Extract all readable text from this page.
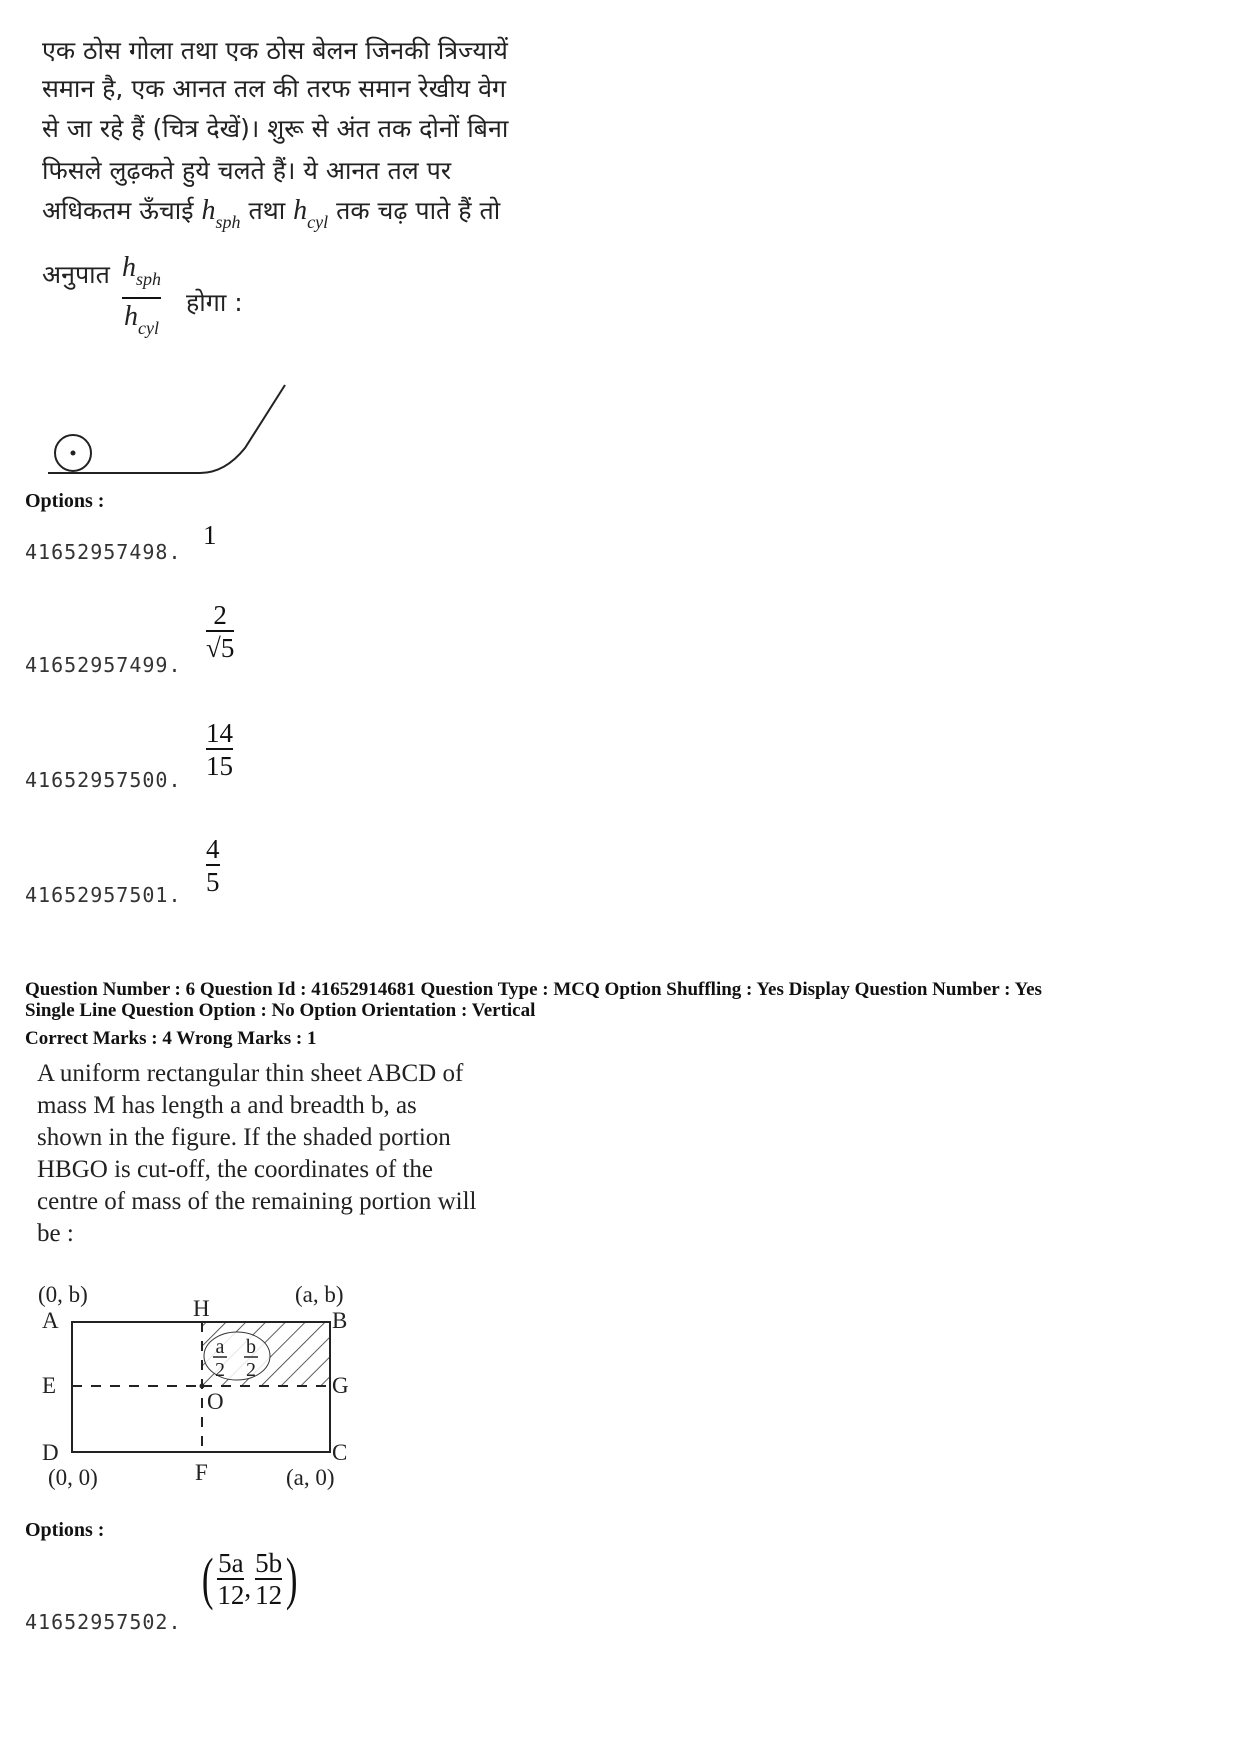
एक ठोस गोला तथा एक ठोस बेलन जिनकी त्रिज्यायें
समान है, एक आनत तल की तरफ समान रेखीय वेग
से जा रहे हैं (चित्र देखें)। शुरू से अंत तक दोनों बिना
फिसले लुढ़कते हुये चलते हैं। ये आनत तल पर
अधिकतम ऊँचाई $h_{sph}$ तथा $h_{cyl}$ तक चढ़ पाते हैं तो
अनुपात $h_{sph}$
$h_{cyl}$
होगा :
Options :
41652957498.
1
41652957499.
2
√5
41652957500.
14
15
41652957501.
4
5
Question Number : 6 Question Id : 41652914681 Question Type : MCQ Option Shuffling : Yes Display Question Number : Yes
Single Line Question Option : No Option Orientation : Vertical
Correct Marks : 4 Wrong Marks : 1
A uniform rectangular thin sheet ABCD of
mass M has length a and breadth b, as
shown in the figure. If the shaded portion
HBGO is cut-off, the coordinates of the
centre of mass of the remaining portion will
be :
a
2
b
2
(0, b)	(a, b)
(0, 0)	(a, 0)
A	B
C
D
E
F
G
H
O
Options :
41652957502.
( $\frac{5a}{12}$ , $\frac{5b}{12}$ )
